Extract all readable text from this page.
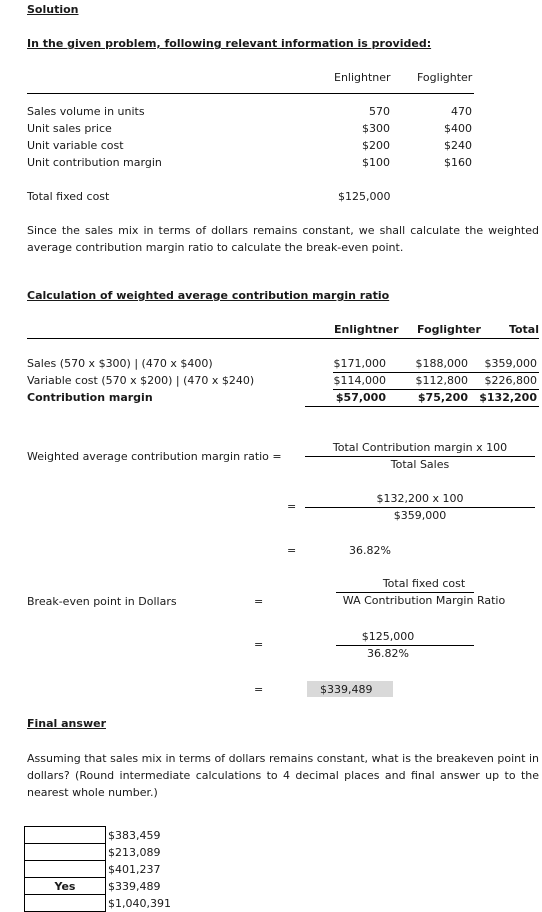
Solution
In the given problem, following relevant information is provided:
Enlightner Foglighter
Sales volume in units	570	470
Unit sales price	$300	$400
Unit variable cost	$200	$240
Unit contribution margin	$100	$160
Total fixed cost	$125,000
Since the sales mix in terms of dollars remains constant, we shall calculate the weighted average contribution margin ratio to calculate the break-even point.
Calculation of weighted average contribution margin ratio
Enlightner Foglighter	Total
Sales (570 x $300) | (470 x $400)	$171,000	$188,000	$359,000
Variable cost (570 x $200) | (470 x $240)	$114,000	$112,800	$226,800
Contribution margin	$57,000	$75,200 $132,200
Weighted average contribution margin ratio =
Total Contribution margin x 100
Total Sales
=
$132,200 x 100
$359,000
=	36.82%
Break-even point in Dollars	=
Total fixed cost
WA Contribution Margin Ratio
=
$125,000
36.82%
=	$339,489
Final answer
Assuming that sales mix in terms of dollars remains constant, what is the breakeven point in dollars? (Round intermediate calculations to 4 decimal places and final answer up to the nearest whole number.)
	$383,459
	$213,089
	$401,237
Yes	$339,489
	$1,040,391
